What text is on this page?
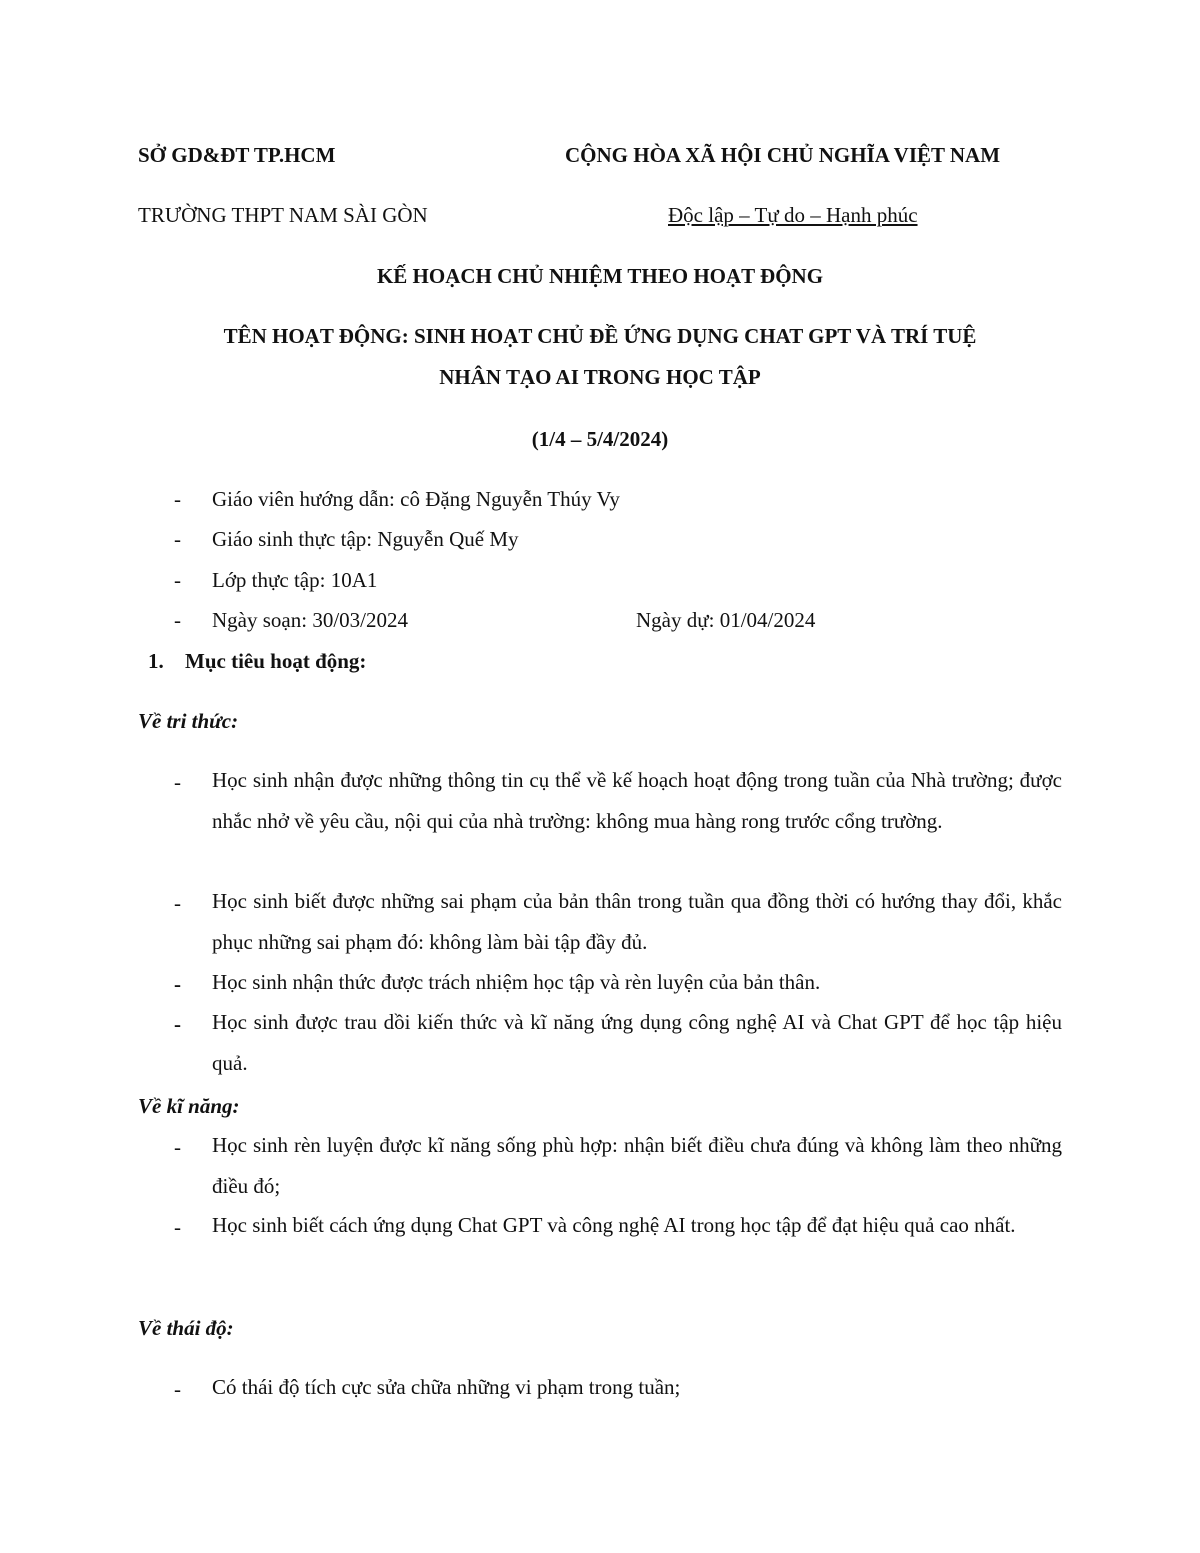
SỞ GD&ĐT TP.HCM	CỘNG HÒA XÃ HỘI CHỦ NGHĨA VIỆT NAM
TRƯỜNG THPT NAM SÀI GÒN	Độc lập – Tự do – Hạnh phúc
KẾ HOẠCH CHỦ NHIỆM THEO HOẠT ĐỘNG
TÊN HOẠT ĐỘNG: SINH HOẠT CHỦ ĐỀ ỨNG DỤNG CHAT GPT VÀ TRÍ TUỆ
NHÂN TẠO AI TRONG HỌC TẬP
(1/4 – 5/4/2024)
- Giáo viên hướng dẫn: cô Đặng Nguyễn Thúy Vy
- Giáo sinh thực tập: Nguyễn Quế My
- Lớp thực tập: 10A1
- Ngày soạn: 30/03/2024	Ngày dự: 01/04/2024
1. Mục tiêu hoạt động:
Về tri thức:
- Học sinh nhận được những thông tin cụ thể về kế hoạch hoạt động trong tuần của Nhà trường; được nhắc nhở về yêu cầu, nội qui của nhà trường: không mua hàng rong trước cổng trường.
- Học sinh biết được những sai phạm của bản thân trong tuần qua đồng thời có hướng thay đổi, khắc phục những sai phạm đó: không làm bài tập đầy đủ.
- Học sinh nhận thức được trách nhiệm học tập và rèn luyện của bản thân.
- Học sinh được trau dồi kiến thức và kĩ năng ứng dụng công nghệ AI và Chat GPT để học tập hiệu quả.
Về kĩ năng:
- Học sinh rèn luyện được kĩ năng sống phù hợp: nhận biết điều chưa đúng và không làm theo những điều đó;
- Học sinh biết cách ứng dụng Chat GPT và công nghệ AI trong học tập để đạt hiệu quả cao nhất.
Về thái độ:
- Có thái độ tích cực sửa chữa những vi phạm trong tuần;
